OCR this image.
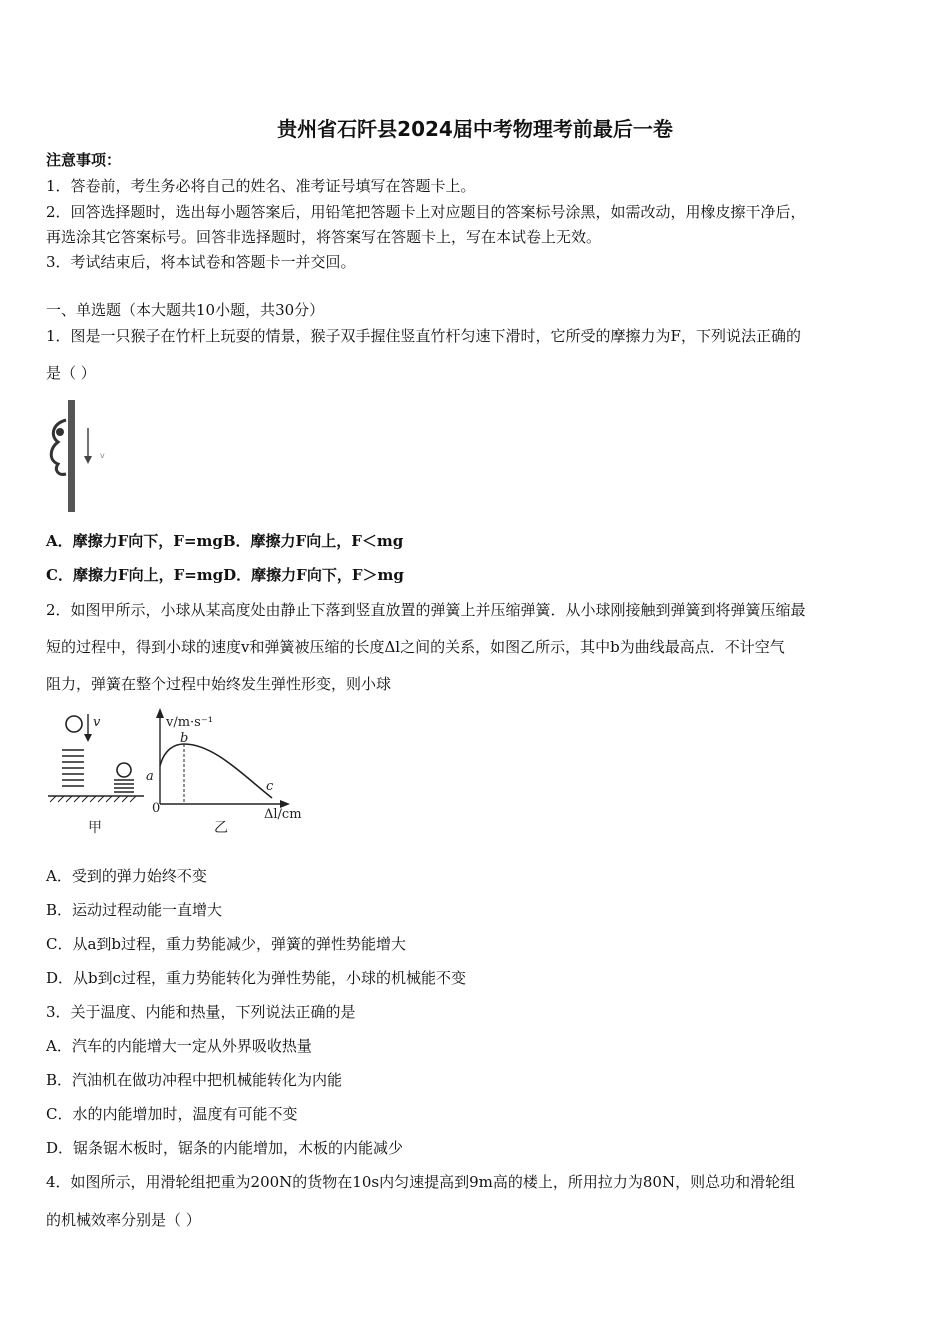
贵州省石阡县2024届中考物理考前最后一卷
注意事项：
1．答卷前，考生务必将自己的姓名、准考证号填写在答题卡上。
2．回答选择题时，选出每小题答案后，用铅笔把答题卡上对应题目的答案标号涂黑，如需改动，用橡皮擦干净后，
再选涂其它答案标号。回答非选择题时，将答案写在答题卡上，写在本试卷上无效。
3．考试结束后，将本试卷和答题卡一并交回。
一、单选题（本大题共10小题，共30分）
1．图是一只猴子在竹杆上玩耍的情景，猴子双手握住竖直竹杆匀速下滑时，它所受的摩擦力为F，下列说法正确的
是（ ）
v
A．摩擦力F向下，F=mgB．摩擦力F向上，F＜mg
C．摩擦力F向上，F=mgD．摩擦力F向下，F＞mg
2．如图甲所示，小球从某高度处由静止下落到竖直放置的弹簧上并压缩弹簧．从小球刚接触到弹簧到将弹簧压缩最
短的过程中，得到小球的速度v和弹簧被压缩的长度Δl之间的关系，如图乙所示，其中b为曲线最高点．不计空气
阻力，弹簧在整个过程中始终发生弹性形变，则小球
v	v/m·s⁻¹
b
a
c
0	Δl/cm
甲	乙
A．受到的弹力始终不变
B．运动过程动能一直增大
C．从a到b过程，重力势能减少，弹簧的弹性势能增大
D．从b到c过程，重力势能转化为弹性势能，小球的机械能不变
3．关于温度、内能和热量，下列说法正确的是
A．汽车的内能增大一定从外界吸收热量
B．汽油机在做功冲程中把机械能转化为内能
C．水的内能增加时，温度有可能不变
D．锯条锯木板时，锯条的内能增加，木板的内能减少
4．如图所示，用滑轮组把重为200N的货物在10s内匀速提高到9m高的楼上，所用拉力为80N，则总功和滑轮组
的机械效率分别是（ ）
